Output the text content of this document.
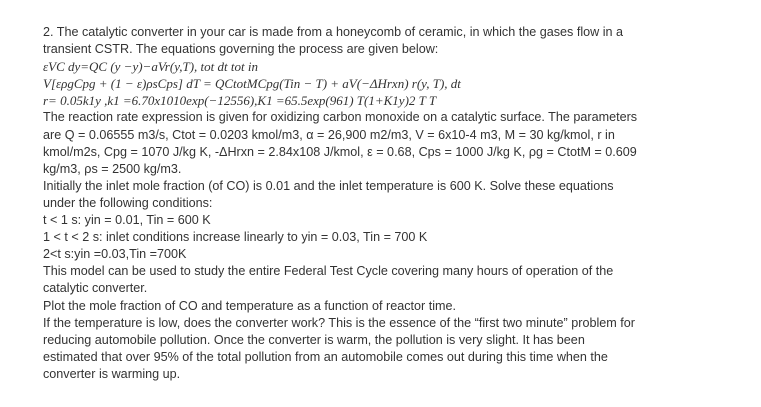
2. The catalytic converter in your car is made from a honeycomb of ceramic, in which the gases flow in a
transient CSTR. The equations governing the process are given below:
εVC dy=QC (y −y)−aVr(y,T), tot dt tot in
V[ερgCpg + (1 − ε)ρsCps] dT = QCtotMCpg(Tin − T) + aV(−ΔHrxn) r(y, T), dt
r= 0.05k1y ,k1 =6.70x1010exp(−12556),K1 =65.5exp(961) T(1+K1y)2 T T
The reaction rate expression is given for oxidizing carbon monoxide on a catalytic surface. The parameters
are Q = 0.06555 m3/s, Ctot = 0.0203 kmol/m3, α = 26,900 m2/m3, V = 6x10-4 m3, M = 30 kg/kmol, r in
kmol/m2s, Cpg = 1070 J/kg K, -ΔHrxn = 2.84x108 J/kmol, ε = 0.68, Cps = 1000 J/kg K, ρg = CtotM = 0.609
kg/m3, ρs = 2500 kg/m3.
Initially the inlet mole fraction (of CO) is 0.01 and the inlet temperature is 600 K. Solve these equations
under the following conditions:
t < 1 s: yin = 0.01, Tin = 600 K
1 < t < 2 s: inlet conditions increase linearly to yin = 0.03, Tin = 700 K
2<t s:yin =0.03,Tin =700K
This model can be used to study the entire Federal Test Cycle covering many hours of operation of the
catalytic converter.
Plot the mole fraction of CO and temperature as a function of reactor time.
If the temperature is low, does the converter work? This is the essence of the “first two minute” problem for
reducing automobile pollution. Once the converter is warm, the pollution is very slight. It has been
estimated that over 95% of the total pollution from an automobile comes out during this time when the
converter is warming up.
